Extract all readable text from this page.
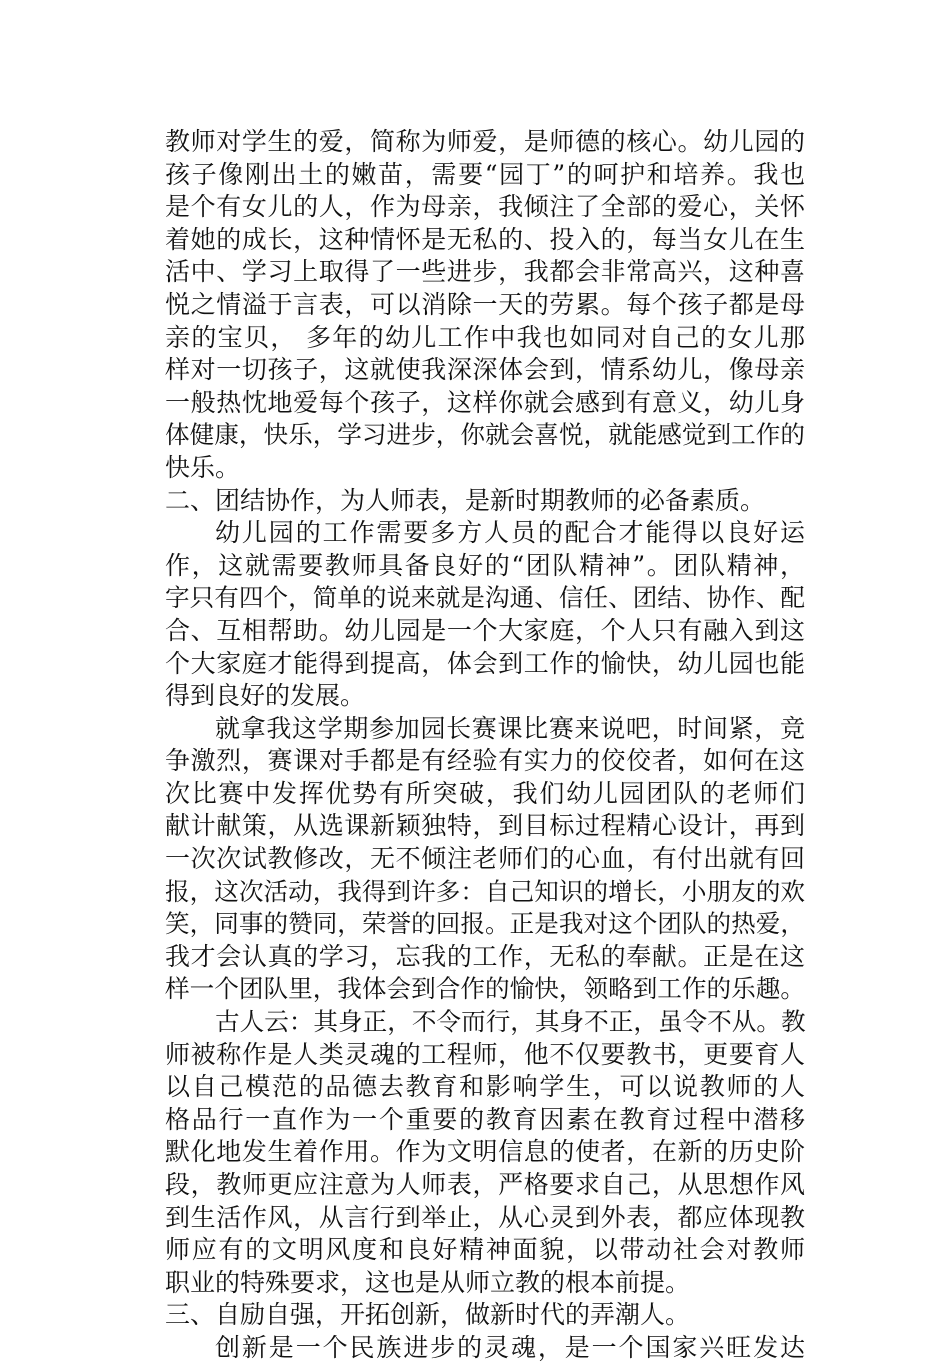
教师对学生的爱，简称为师爱，是师德的核心。幼儿园的
孩子像刚出土的嫩苗，需要“园丁”的呵护和培养。我也
是个有女儿的人，作为母亲，我倾注了全部的爱心，关怀
着她的成长，这种情怀是无私的、投入的，每当女儿在生
活中、学习上取得了一些进步，我都会非常高兴，这种喜
悦之情溢于言表，可以消除一天的劳累。每个孩子都是母
亲的宝贝， 多年的幼儿工作中我也如同对自己的女儿那
样对一切孩子，这就使我深深体会到，情系幼儿，像母亲
一般热忱地爱每个孩子，这样你就会感到有意义，幼儿身
体健康，快乐，学习进步，你就会喜悦，就能感觉到工作的
快乐。
二、团结协作，为人师表，是新时期教师的必备素质。
幼儿园的工作需要多方人员的配合才能得以良好运
作，这就需要教师具备良好的“团队精神”。团队精神，
字只有四个，简单的说来就是沟通、信任、团结、协作、配
合、互相帮助。幼儿园是一个大家庭，个人只有融入到这
个大家庭才能得到提高，体会到工作的愉快，幼儿园也能
得到良好的发展。
就拿我这学期参加园长赛课比赛来说吧，时间紧，竞
争激烈，赛课对手都是有经验有实力的佼佼者，如何在这
次比赛中发挥优势有所突破，我们幼儿园团队的老师们
献计献策，从选课新颖独特，到目标过程精心设计，再到
一次次试教修改，无不倾注老师们的心血，有付出就有回
报，这次活动，我得到许多：自己知识的增长，小朋友的欢
笑，同事的赞同，荣誉的回报。正是我对这个团队的热爱，
我才会认真的学习，忘我的工作，无私的奉献。正是在这
样一个团队里，我体会到合作的愉快，领略到工作的乐趣。
古人云：其身正，不令而行，其身不正，虽令不从。教
师被称作是人类灵魂的工程师，他不仅要教书，更要育人
以自己模范的品德去教育和影响学生，可以说教师的人
格品行一直作为一个重要的教育因素在教育过程中潜移
默化地发生着作用。作为文明信息的使者，在新的历史阶
段，教师更应注意为人师表，严格要求自己，从思想作风
到生活作风，从言行到举止，从心灵到外表，都应体现教
师应有的文明风度和良好精神面貌，以带动社会对教师
职业的特殊要求，这也是从师立教的根本前提。
三、自励自强，开拓创新，做新时代的弄潮人。
创新是一个民族进步的灵魂，是一个国家兴旺发达
